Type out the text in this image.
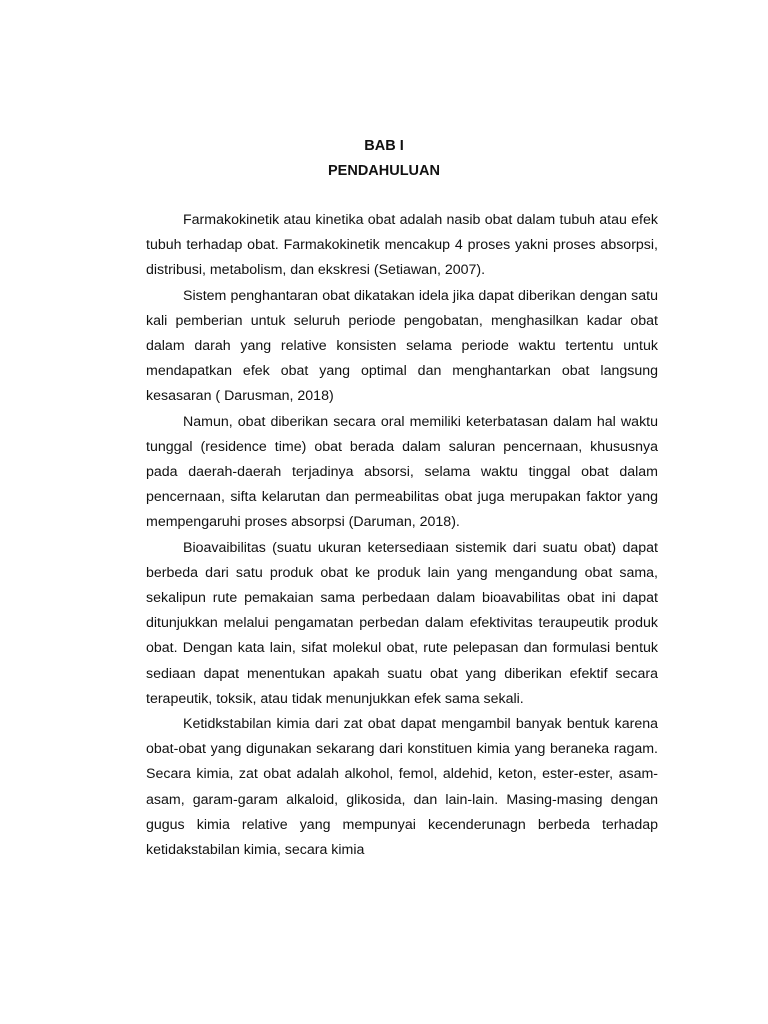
BAB I

PENDAHULUAN

Farmakokinetik atau kinetika obat adalah nasib obat dalam tubuh atau efek tubuh terhadap obat. Farmakokinetik mencakup 4 proses yakni proses absorpsi, distribusi, metabolism, dan ekskresi (Setiawan, 2007).

Sistem penghantaran obat dikatakan idela jika dapat diberikan dengan satu kali pemberian untuk seluruh periode pengobatan, menghasilkan kadar obat dalam darah yang relative konsisten selama periode waktu tertentu untuk mendapatkan efek obat yang optimal dan menghantarkan obat langsung kesasaran ( Darusman, 2018)

Namun, obat diberikan secara oral memiliki keterbatasan dalam hal waktu tunggal (residence time) obat berada dalam saluran pencernaan, khususnya pada daerah-daerah terjadinya absorsi, selama waktu tinggal obat dalam pencernaan, sifta kelarutan dan permeabilitas obat juga merupakan faktor yang mempengaruhi proses absorpsi (Daruman, 2018).

Bioavaibilitas (suatu ukuran ketersediaan sistemik dari suatu obat) dapat berbeda dari satu produk obat ke produk lain yang mengandung obat sama, sekalipun rute pemakaian sama perbedaan dalam bioavabilitas obat ini dapat ditunjukkan melalui pengamatan perbedan dalam efektivitas teraupeutik produk obat. Dengan kata lain, sifat molekul obat, rute pelepasan dan formulasi bentuk sediaan dapat menentukan apakah suatu obat yang diberikan efektif secara terapeutik, toksik, atau tidak menunjukkan efek sama sekali.

Ketidkstabilan kimia dari zat obat dapat mengambil banyak bentuk karena obat-obat yang digunakan sekarang dari konstituen kimia yang beraneka ragam. Secara kimia, zat obat adalah alkohol, femol, aldehid, keton, ester-ester, asam-asam, garam-garam alkaloid, glikosida, dan lain-lain. Masing-masing dengan gugus kimia relative yang mempunyai kecenderunagn berbeda terhadap ketidakstabilan kimia, secara kimia
